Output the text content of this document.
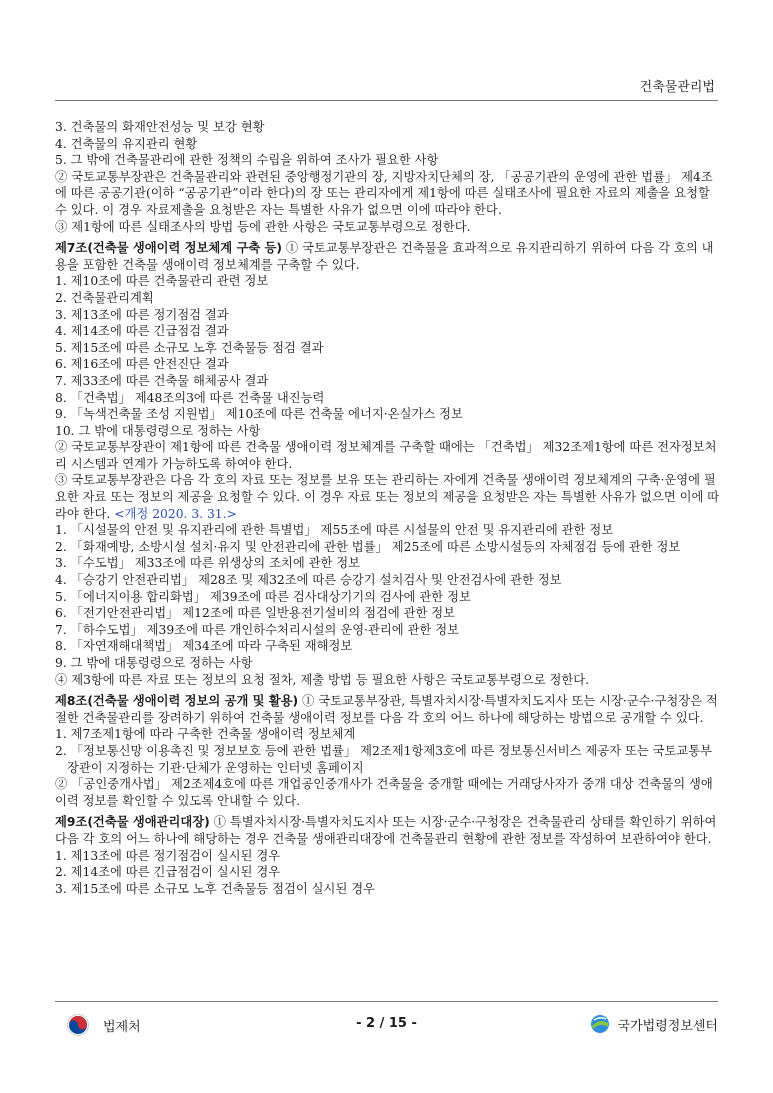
건축물관리법

3. 건축물의 화재안전성능 및 보강 현황

4. 건축물의 유지관리 현황

5. 그 밖에 건축물관리에 관한 정책의 수립을 위하여 조사가 필요한 사항

② 국토교통부장관은 건축물관리와 관련된 중앙행정기관의 장, 지방자치단체의 장, 「공공기관의 운영에 관한 법률」 제4조에 따른 공공기관(이하 “공공기관”이라 한다)의 장 또는 관리자에게 제1항에 따른 실태조사에 필요한 자료의 제출을 요청할 수 있다. 이 경우 자료제출을 요청받은 자는 특별한 사유가 없으면 이에 따라야 한다.

③ 제1항에 따른 실태조사의 방법 등에 관한 사항은 국토교통부령으로 정한다.

제7조(건축물 생애이력 정보체계 구축 등) ① 국토교통부장관은 건축물을 효과적으로 유지관리하기 위하여 다음 각 호의 내용을 포함한 건축물 생애이력 정보체계를 구축할 수 있다.

1. 제10조에 따른 건축물관리 관련 정보

2. 건축물관리계획

3. 제13조에 따른 정기점검 결과

4. 제14조에 따른 긴급점검 결과

5. 제15조에 따른 소규모 노후 건축물등 점검 결과

6. 제16조에 따른 안전진단 결과

7. 제33조에 따른 건축물 해체공사 결과

8. 「건축법」 제48조의3에 따른 건축물 내진능력

9. 「녹색건축물 조성 지원법」 제10조에 따른 건축물 에너지·온실가스 정보

10. 그 밖에 대통령령으로 정하는 사항

② 국토교통부장관이 제1항에 따른 건축물 생애이력 정보체계를 구축할 때에는 「건축법」 제32조제1항에 따른 전자정보처리 시스템과 연계가 가능하도록 하여야 한다.

③ 국토교통부장관은 다음 각 호의 자료 또는 정보를 보유 또는 관리하는 자에게 건축물 생애이력 정보체계의 구축·운영에 필요한 자료 또는 정보의 제공을 요청할 수 있다. 이 경우 자료 또는 정보의 제공을 요청받은 자는 특별한 사유가 없으면 이에 따라야 한다. <개정 2020. 3. 31.>

1. 「시설물의 안전 및 유지관리에 관한 특별법」 제55조에 따른 시설물의 안전 및 유지관리에 관한 정보

2. 「화재예방, 소방시설 설치·유지 및 안전관리에 관한 법률」 제25조에 따른 소방시설등의 자체점검 등에 관한 정보

3. 「수도법」 제33조에 따른 위생상의 조치에 관한 정보

4. 「승강기 안전관리법」 제28조 및 제32조에 따른 승강기 설치검사 및 안전검사에 관한 정보

5. 「에너지이용 합리화법」 제39조에 따른 검사대상기기의 검사에 관한 정보

6. 「전기안전관리법」 제12조에 따른 일반용전기설비의 점검에 관한 정보

7. 「하수도법」 제39조에 따른 개인하수처리시설의 운영·관리에 관한 정보

8. 「자연재해대책법」 제34조에 따라 구축된 재해정보

9. 그 밖에 대통령령으로 정하는 사항

④ 제3항에 따른 자료 또는 정보의 요청 절차, 제출 방법 등 필요한 사항은 국토교통부령으로 정한다.

제8조(건축물 생애이력 정보의 공개 및 활용) ① 국토교통부장관, 특별자치시장·특별자치도지사 또는 시장·군수·구청장은 적절한 건축물관리를 장려하기 위하여 건축물 생애이력 정보를 다음 각 호의 어느 하나에 해당하는 방법으로 공개할 수 있다.

1. 제7조제1항에 따라 구축한 건축물 생애이력 정보체계

2. 「정보통신망 이용촉진 및 정보보호 등에 관한 법률」 제2조제1항제3호에 따른 정보통신서비스 제공자 또는 국토교통부장관이 지정하는 기관·단체가 운영하는 인터넷 홈페이지

② 「공인중개사법」 제2조제4호에 따른 개업공인중개사가 건축물을 중개할 때에는 거래당사자가 중개 대상 건축물의 생애이력 정보를 확인할 수 있도록 안내할 수 있다.

제9조(건축물 생애관리대장) ① 특별자치시장·특별자치도지사 또는 시장·군수·구청장은 건축물관리 상태를 확인하기 위하여 다음 각 호의 어느 하나에 해당하는 경우 건축물 생애관리대장에 건축물관리 현황에 관한 정보를 작성하여 보관하여야 한다.

1. 제13조에 따른 정기점검이 실시된 경우

2. 제14조에 따른 긴급점검이 실시된 경우

3. 제15조에 따른 소규모 노후 건축물등 점검이 실시된 경우

법제처	- 2 / 15 -	국가법령정보센터
